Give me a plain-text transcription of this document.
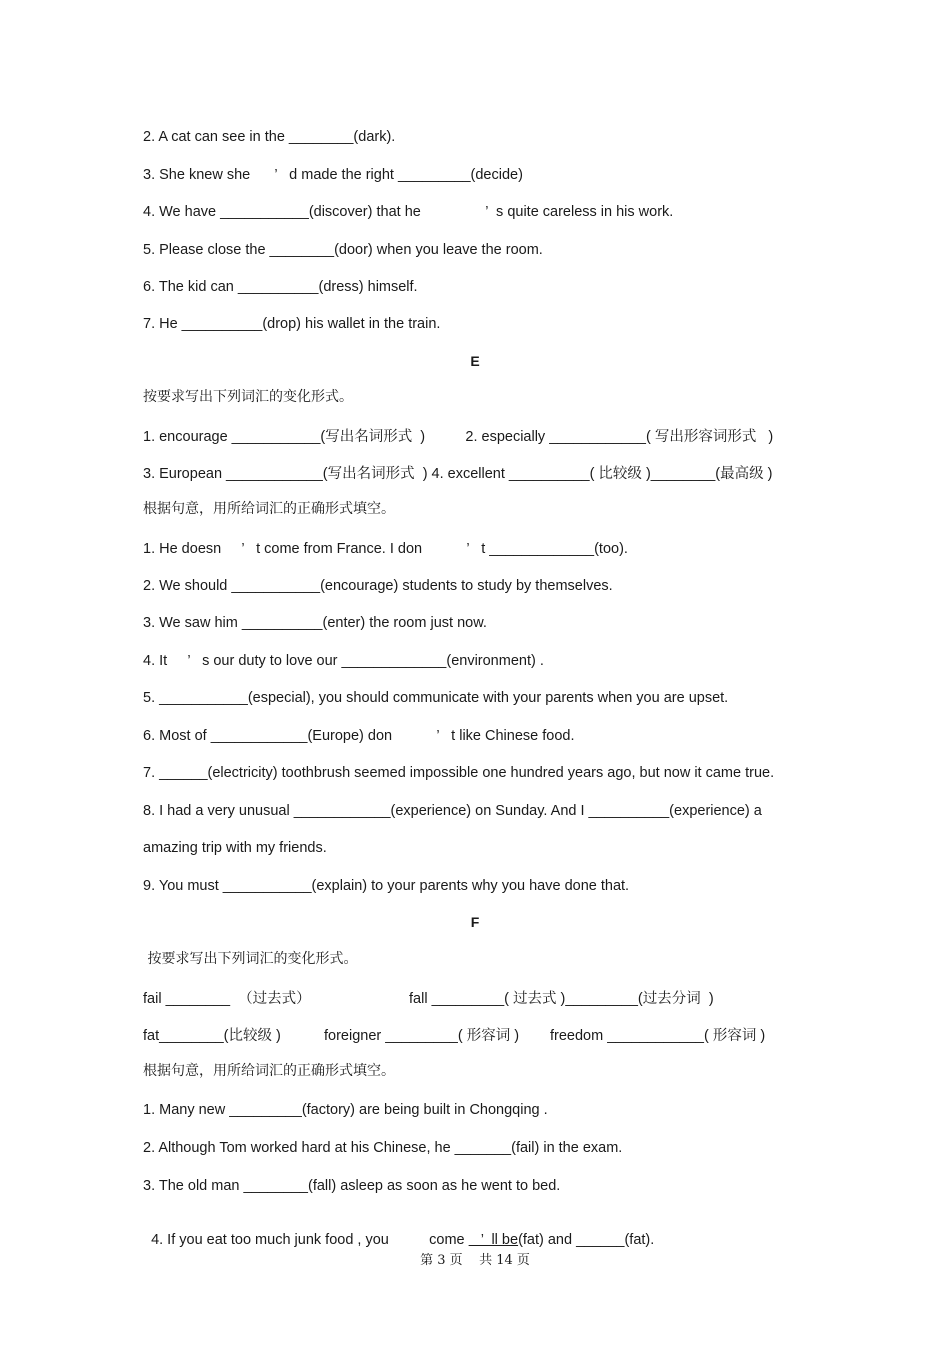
2. A cat can see in the ________(dark).
3. She knew she      ’   d made the right _________(decide)
4. We have ___________(discover) that he                ’  s quite careless in his work.
5. Please close the ________(door) when you leave the room.
6. The kid can __________(dress) himself.
7. He __________(drop) his wallet in the train.
E
按要求写出下列词汇的变化形式。
1. encourage ___________(写出名词形式  )          2. especially ____________( 写出形容词形式   )
3. European ____________(写出名词形式  ) 4. excellent __________( 比较级 )________(最高级 )
根据句意，用所给词汇的正确形式填空。
1. He doesn     ’   t come from France. I don           ’   t _____________(too).
2. We should ___________(encourage) students to study by themselves.
3. We saw him __________(enter) the room just now.
4. It     ’   s our duty to love our _____________(environment) .
5. ___________(especial), you should communicate with your parents when you are upset.
6. Most of ____________(Europe) don           ’   t like Chinese food.
7. ______(electricity) toothbrush seemed impossible one hundred years ago, but now it came true.
8. I had a very unusual ____________(experience) on Sunday. And I __________(experience) a
amazing trip with my friends.
9. You must ___________(explain) to your parents why you have done that.
F
按要求写出下列词汇的变化形式。
fail ________  （过去式）	fall _________( 过去式 )_________(过去分词  )
fat________(比较级 )	foreigner _________( 形容词 ) freedom ____________( 形容词 )
根据句意，用所给词汇的正确形式填空。
1. Many new _________(factory) are being built in Chongqing .
2. Although Tom worked hard at his Chinese, he _______(fail) in the exam.
3. The old man ________(fall) asleep as soon as he went to bed.

4. If you eat too much junk food , you          come    ’  ll be(fat) and ______(fat).

第 3 页    共 14 页
